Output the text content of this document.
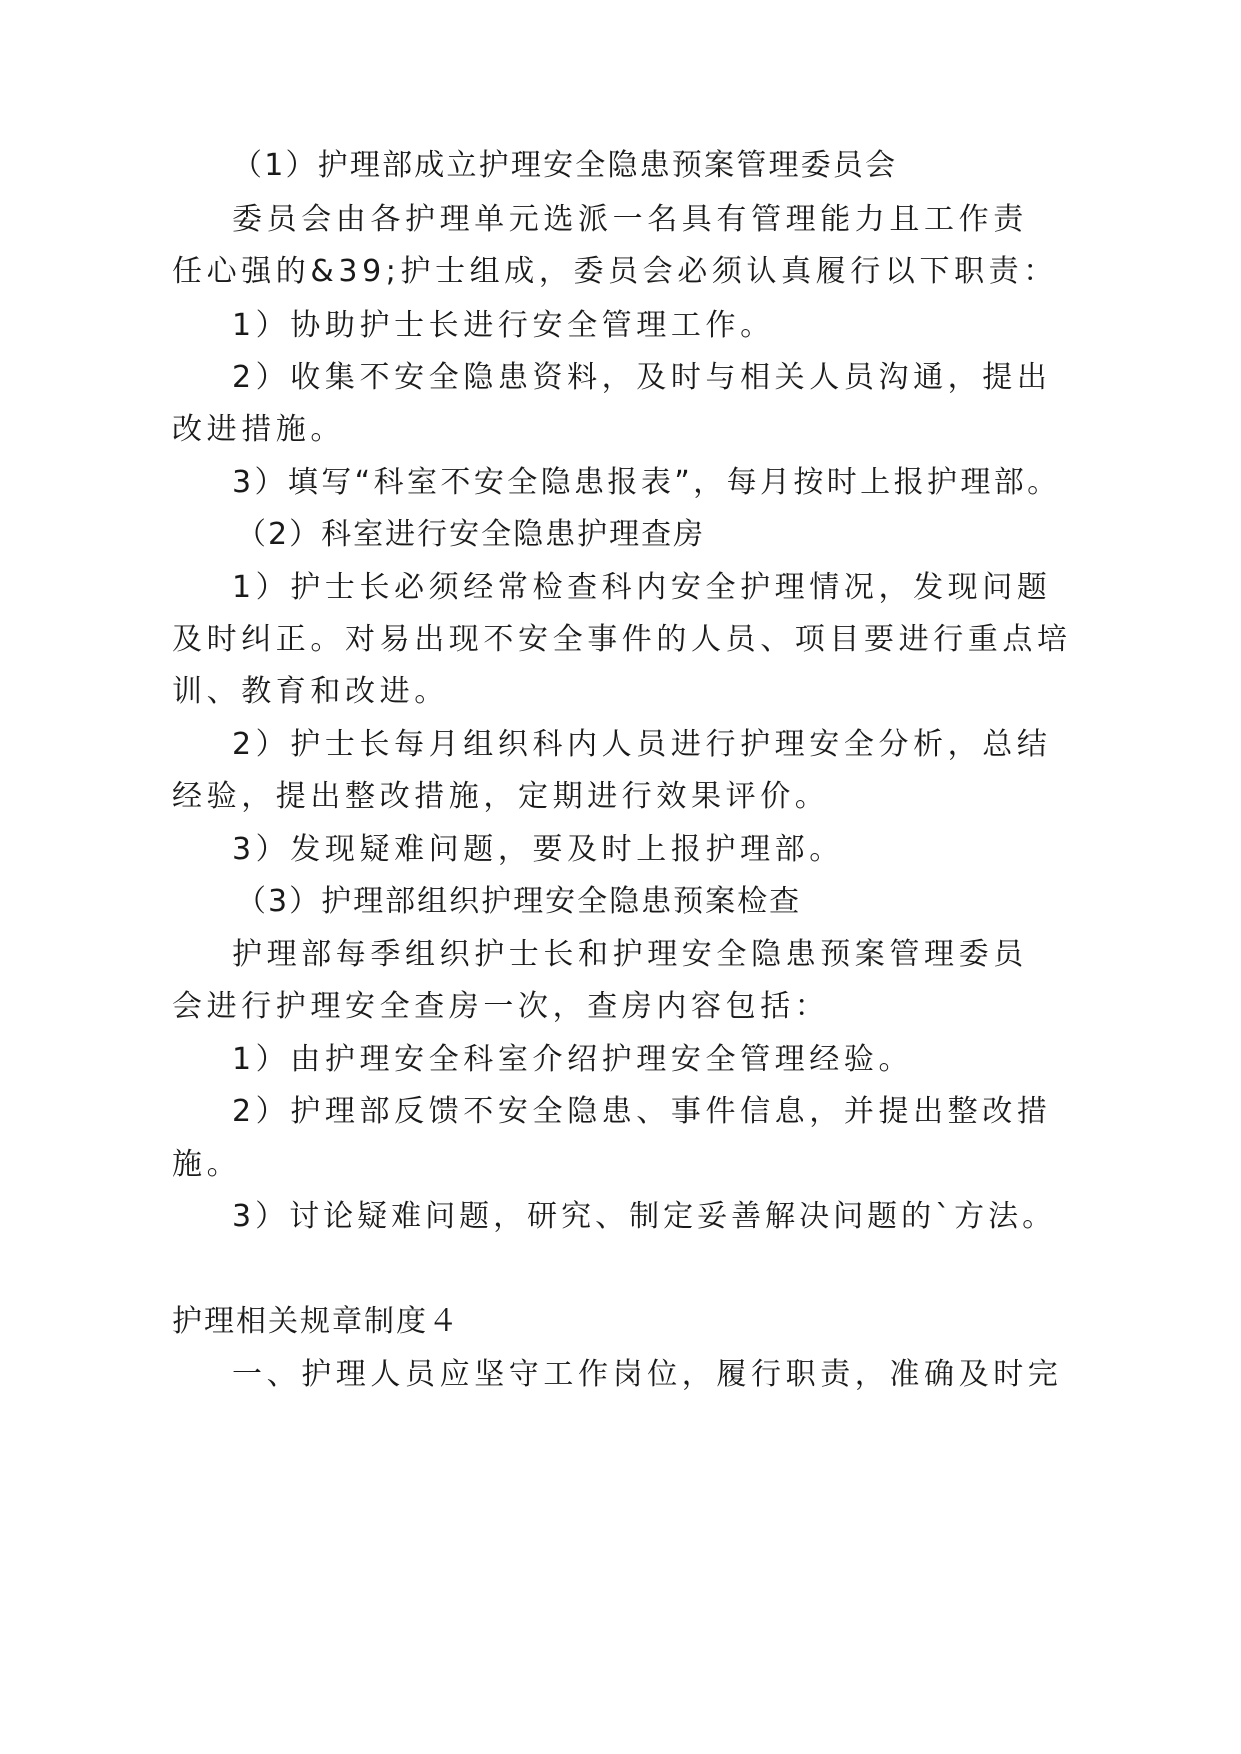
（1）护理部成立护理安全隐患预案管理委员会

委员会由各护理单元选派一名具有管理能力且工作责

任心强的&39;护士组成，委员会必须认真履行以下职责：

1）协助护士长进行安全管理工作。

2）收集不安全隐患资料，及时与相关人员沟通，提出

改进措施。

3）填写“科室不安全隐患报表”，每月按时上报护理部。

（2）科室进行安全隐患护理查房

1）护士长必须经常检查科内安全护理情况，发现问题

及时纠正。对易出现不安全事件的人员、项目要进行重点培

训、教育和改进。

2）护士长每月组织科内人员进行护理安全分析，总结

经验，提出整改措施，定期进行效果评价。

3）发现疑难问题，要及时上报护理部。

（3）护理部组织护理安全隐患预案检查

护理部每季组织护士长和护理安全隐患预案管理委员

会进行护理安全查房一次，查房内容包括：

1）由护理安全科室介绍护理安全管理经验。

2）护理部反馈不安全隐患、事件信息，并提出整改措

施。

3）讨论疑难问题，研究、制定妥善解决问题的`方法。

护理相关规章制度４

一、护理人员应坚守工作岗位，履行职责，准确及时完
